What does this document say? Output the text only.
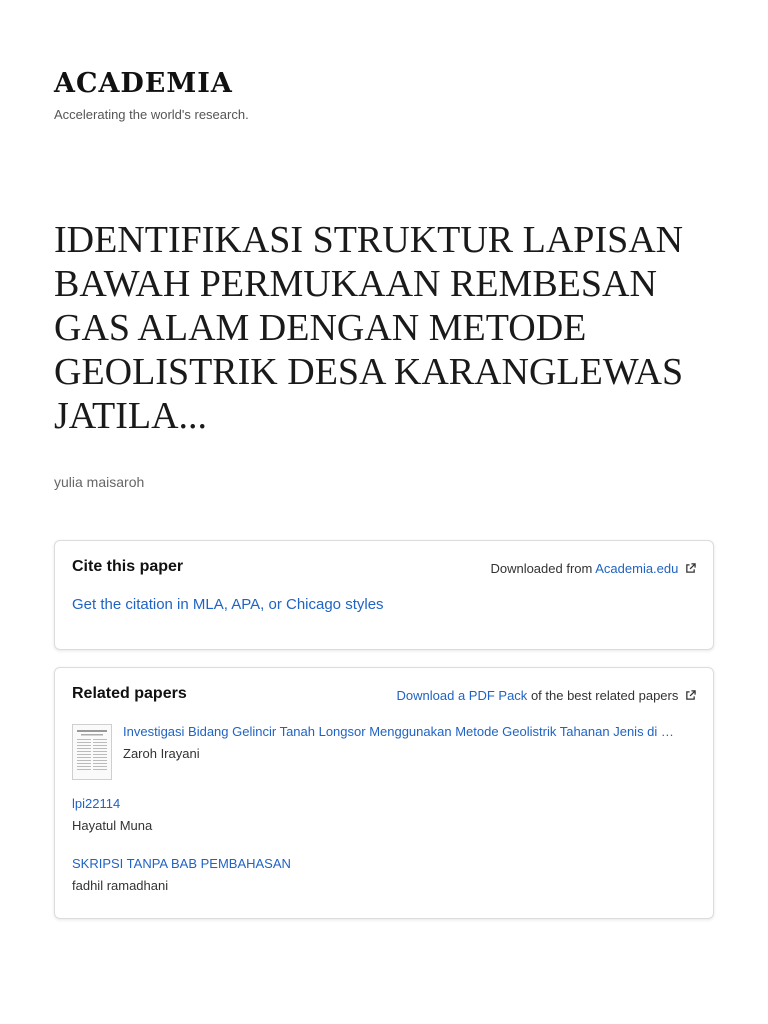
ACADEMIA
Accelerating the world's research.
IDENTIFIKASI STRUKTUR LAPISAN BAWAH PERMUKAAN REMBESAN GAS ALAM DENGAN METODE GEOLISTRIK DESA KARANGLEWAS JATILA...
yulia maisaroh
Cite this paper	Downloaded from Academia.edu
Get the citation in MLA, APA, or Chicago styles
Related papers	Download a PDF Pack of the best related papers
Investigasi Bidang Gelincir Tanah Longsor Menggunakan Metode Geolistrik Tahanan Jenis di …
Zaroh Irayani
lpi22114
Hayatul Muna
SKRIPSI TANPA BAB PEMBAHASAN
fadhil ramadhani
